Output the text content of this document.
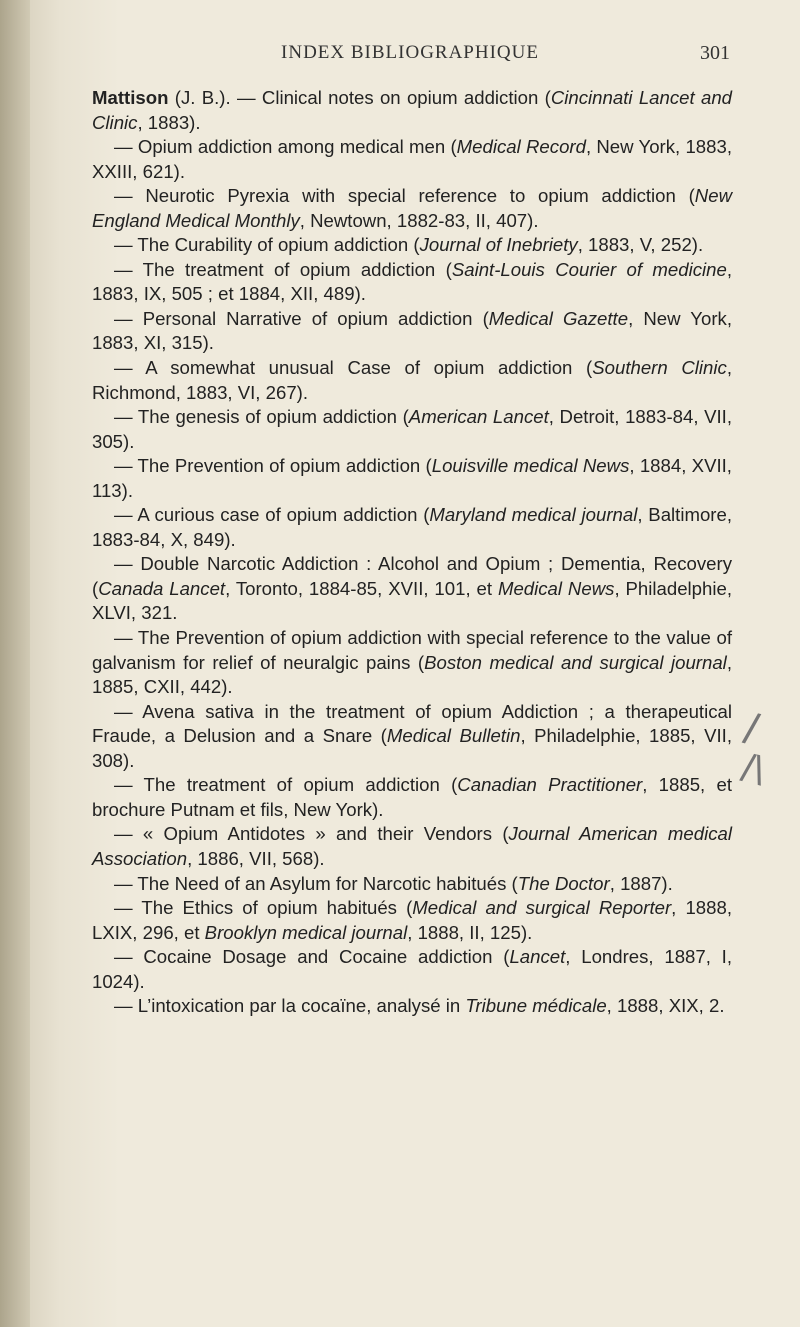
INDEX BIBLIOGRAPHIQUE	301
Mattison (J. B.). — Clinical notes on opium addiction (Cincinnati Lancet and Clinic, 1883).
— Opium addiction among medical men (Medical Record, New York, 1883, XXIII, 621).
— Neurotic Pyrexia with special reference to opium addiction (New England Medical Monthly, Newtown, 1882-83, II, 407).
— The Curability of opium addiction (Journal of Inebriety, 1883, V, 252).
— The treatment of opium addiction (Saint-Louis Courier of medicine, 1883, IX, 505 ; et 1884, XII, 489).
— Personal Narrative of opium addiction (Medical Gazette, New York, 1883, XI, 315).
— A somewhat unusual Case of opium addiction (Southern Clinic, Richmond, 1883, VI, 267).
— The genesis of opium addiction (American Lancet, Detroit, 1883-84, VII, 305).
— The Prevention of opium addiction (Louisville medical News, 1884, XVII, 113).
— A curious case of opium addiction (Maryland medical journal, Baltimore, 1883-84, X, 849).
— Double Narcotic Addiction : Alcohol and Opium ; Dementia, Recovery (Canada Lancet, Toronto, 1884-85, XVII, 101, et Medical News, Philadelphie, XLVI, 321.
— The Prevention of opium addiction with special reference to the value of galvanism for relief of neuralgic pains (Boston medical and surgical journal, 1885, CXII, 442).
— Avena sativa in the treatment of opium Addiction ; a therapeutical Fraude, a Delusion and a Snare (Medical Bulletin, Philadelphie, 1885, VII, 308).
— The treatment of opium addiction (Canadian Practitioner, 1885, et brochure Putnam et fils, New York).
— « Opium Antidotes » and their Vendors (Journal American medical Association, 1886, VII, 568).
— The Need of an Asylum for Narcotic habitués (The Doctor, 1887).
— The Ethics of opium habitués (Medical and surgical Reporter, 1888, LXIX, 296, et Brooklyn medical journal, 1888, II, 125).
— Cocaine Dosage and Cocaine addiction (Lancet, Londres, 1887, I, 1024).
— L’intoxication par la cocaïne, analysé in Tribune médicale, 1888, XIX, 2.
/
/\
